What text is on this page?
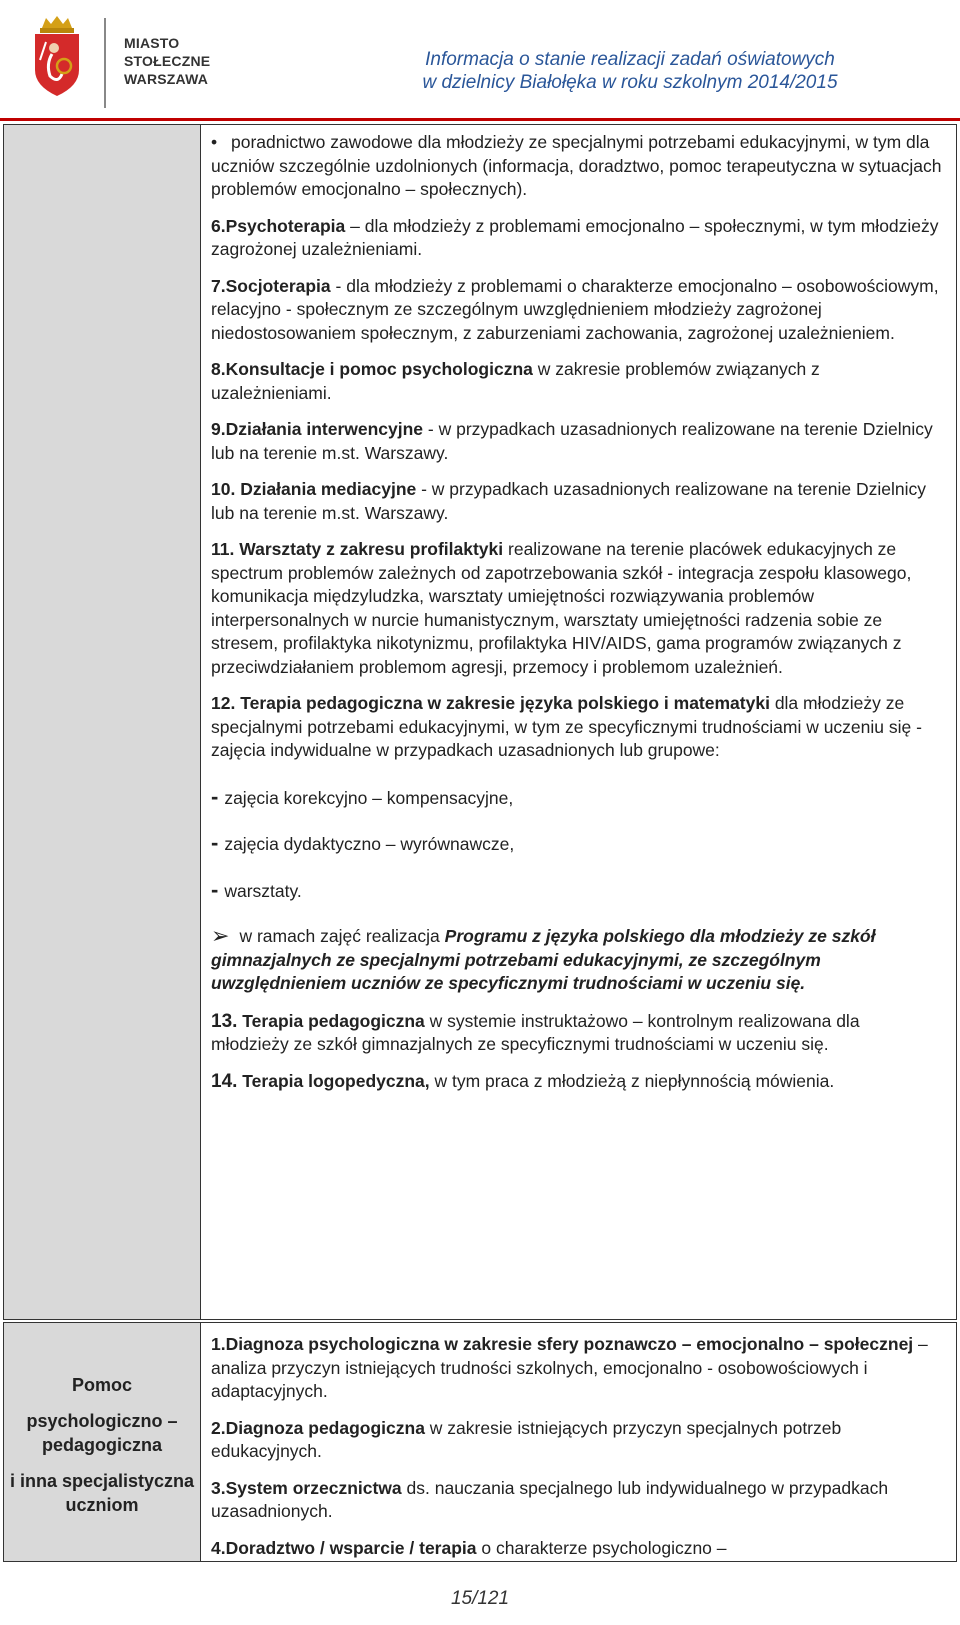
MIASTO
STOŁECZNE
WARSZAWA
Informacja o stanie realizacji zadań oświatowych
w dzielnicy Białołęka w roku szkolnym 2014/2015

• poradnictwo zawodowe dla młodzieży ze specjalnymi potrzebami edukacyjnymi, w tym dla uczniów szczególnie uzdolnionych (informacja, doradztwo, pomoc terapeutyczna w sytuacjach problemów emocjonalno – społecznych).

6.Psychoterapia – dla młodzieży z problemami emocjonalno – społecznymi, w tym młodzieży zagrożonej uzależnieniami.

7.Socjoterapia - dla młodzieży z problemami o charakterze emocjonalno – osobowościowym, relacyjno - społecznym ze szczególnym uwzględnieniem młodzieży zagrożonej niedostosowaniem społecznym, z zaburzeniami zachowania, zagrożonej uzależnieniem.

8.Konsultacje i pomoc psychologiczna w zakresie problemów związanych z uzależnieniami.

9.Działania interwencyjne - w przypadkach uzasadnionych realizowane na terenie Dzielnicy lub na terenie m.st. Warszawy.

10. Działania mediacyjne - w przypadkach uzasadnionych realizowane na terenie Dzielnicy lub na terenie m.st. Warszawy.

11. Warsztaty z zakresu profilaktyki realizowane na terenie placówek edukacyjnych ze spectrum problemów zależnych od zapotrzebowania szkół - integracja zespołu klasowego, komunikacja międzyludzka, warsztaty umiejętności rozwiązywania problemów interpersonalnych w nurcie humanistycznym, warsztaty umiejętności radzenia sobie ze stresem, profilaktyka nikotynizmu, profilaktyka HIV/AIDS, gama programów związanych z przeciwdziałaniem problemom agresji, przemocy i problemom uzależnień.

12. Terapia pedagogiczna w zakresie języka polskiego i matematyki dla młodzieży ze specjalnymi potrzebami edukacyjnymi, w tym ze specyficznymi trudnościami w uczeniu się - zajęcia indywidualne w przypadkach uzasadnionych lub grupowe:

- zajęcia korekcyjno – kompensacyjne,

- zajęcia dydaktyczno – wyrównawcze,

- warsztaty.

➢ w ramach zajęć realizacja Programu z języka polskiego dla młodzieży ze szkół gimnazjalnych ze specjalnymi potrzebami edukacyjnymi, ze szczególnym uwzględnieniem uczniów ze specyficznymi trudnościami w uczeniu się.

13. Terapia pedagogiczna w systemie instruktażowo – kontrolnym realizowana dla młodzieży ze szkół gimnazjalnych ze specyficznymi trudnościami w uczeniu się.

14. Terapia logopedyczna, w tym praca z młodzieżą z niepłynnością mówienia.

Pomoc
psychologiczno – pedagogiczna
i inna specjalistyczna uczniom

1.Diagnoza psychologiczna w zakresie sfery poznawczo – emocjonalno – społecznej – analiza przyczyn istniejących trudności szkolnych, emocjonalno - osobowościowych i adaptacyjnych.

2.Diagnoza pedagogiczna w zakresie istniejących przyczyn specjalnych potrzeb edukacyjnych.

3.System orzecznictwa ds. nauczania specjalnego lub indywidualnego w przypadkach uzasadnionych.

4.Doradztwo / wsparcie / terapia o charakterze psychologiczno –

15/121
